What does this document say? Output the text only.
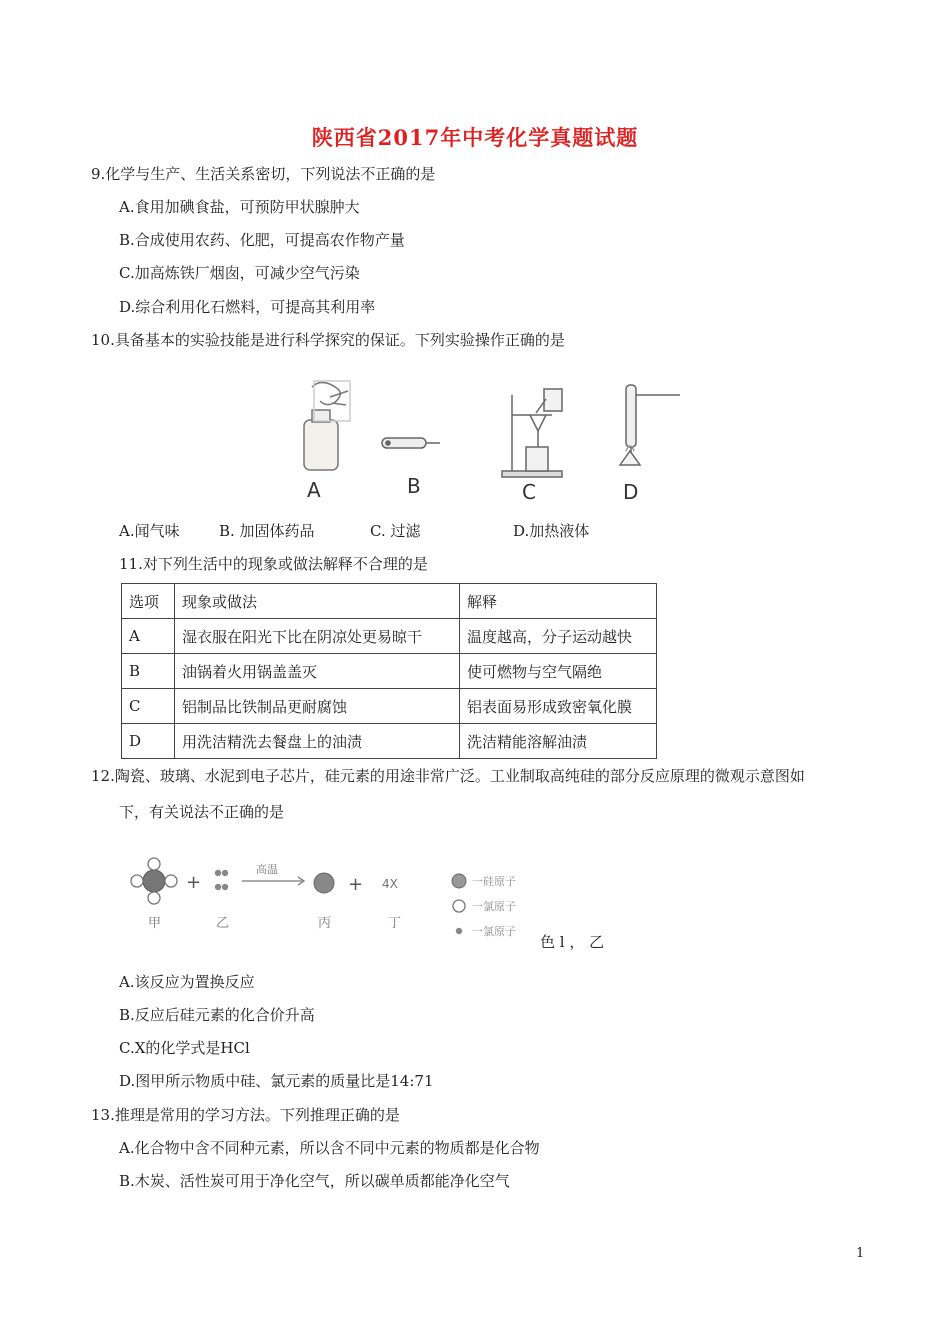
陕西省2017年中考化学真题试题
9.化学与生产、生活关系密切，下列说法不正确的是
A.食用加碘食盐，可预防甲状腺肿大
B.合成使用农药、化肥，可提高农作物产量
C.加高炼铁厂烟囱，可减少空气污染
D.综合利用化石燃料，可提高其利用率
10.具备基本的实验技能是进行科学探究的保证。下列实验操作正确的是
A	B	C	D
A.闻气味	B. 加固体药品	C. 过滤	D.加热液体
11.对下列生活中的现象或做法解释不合理的是
选项	现象或做法	解释
A	湿衣服在阳光下比在阴凉处更易晾干	温度越高，分子运动越快
B	油锅着火用锅盖盖灭	使可燃物与空气隔绝
C	铝制品比铁制品更耐腐蚀	铝表面易形成致密氧化膜
D	用洗洁精洗去餐盘上的油渍	洗洁精能溶解油渍
12.陶瓷、玻璃、水泥到电子芯片，硅元素的用途非常广泛。工业制取高纯硅的部分反应原理的微观示意图如
下，有关说法不正确的是
甲
+
乙
高温
丙
+ 4X
丁
一硅原子
一氯原子
一氯原子
色 l ， 乙
A.该反应为置换反应
B.反应后硅元素的化合价升高
C.X的化学式是HCl
D.图甲所示物质中硅、氯元素的质量比是14:71
13.推理是常用的学习方法。下列推理正确的是
A.化合物中含不同种元素，所以含不同中元素的物质都是化合物
B.木炭、活性炭可用于净化空气，所以碳单质都能净化空气
1
